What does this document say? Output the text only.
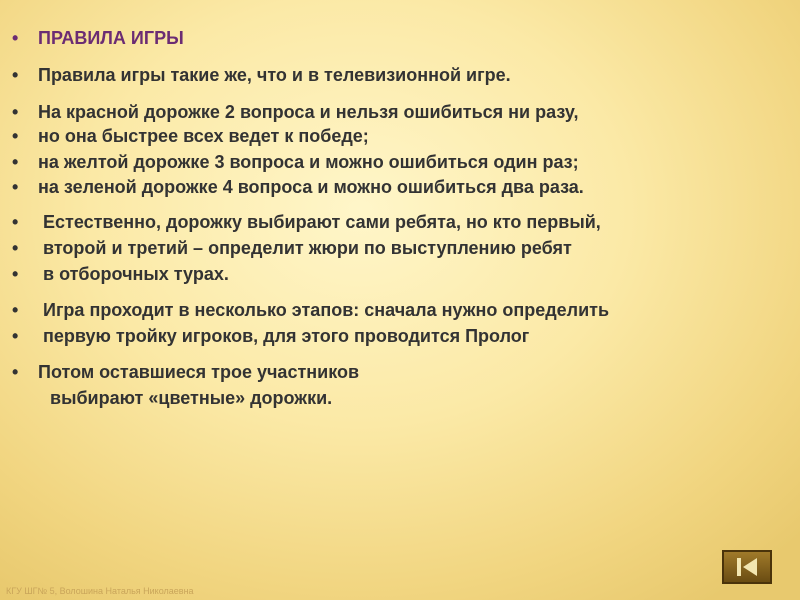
• ПРАВИЛА ИГРЫ
• Правила игры такие же, что и в телевизионной игре.
• На красной дорожке 2 вопроса и нельзя ошибиться ни разу,
• но она быстрее всех ведет к победе;
• на желтой дорожке 3 вопроса и можно ошибиться один раз;
• на зеленой дорожке 4 вопроса и можно ошибиться два раза.
• Естественно, дорожку выбирают сами ребята, но кто первый,
• второй и третий – определит жюри по выступлению ребят
• в отборочных турах.
• Игра проходит в несколько этапов: сначала нужно определить
• первую тройку игроков, для этого проводится Пролог
• Потом оставшиеся трое участников
выбирают «цветные» дорожки.
КГУ ШГ№ 5, Волошина Наталья Николаевна
